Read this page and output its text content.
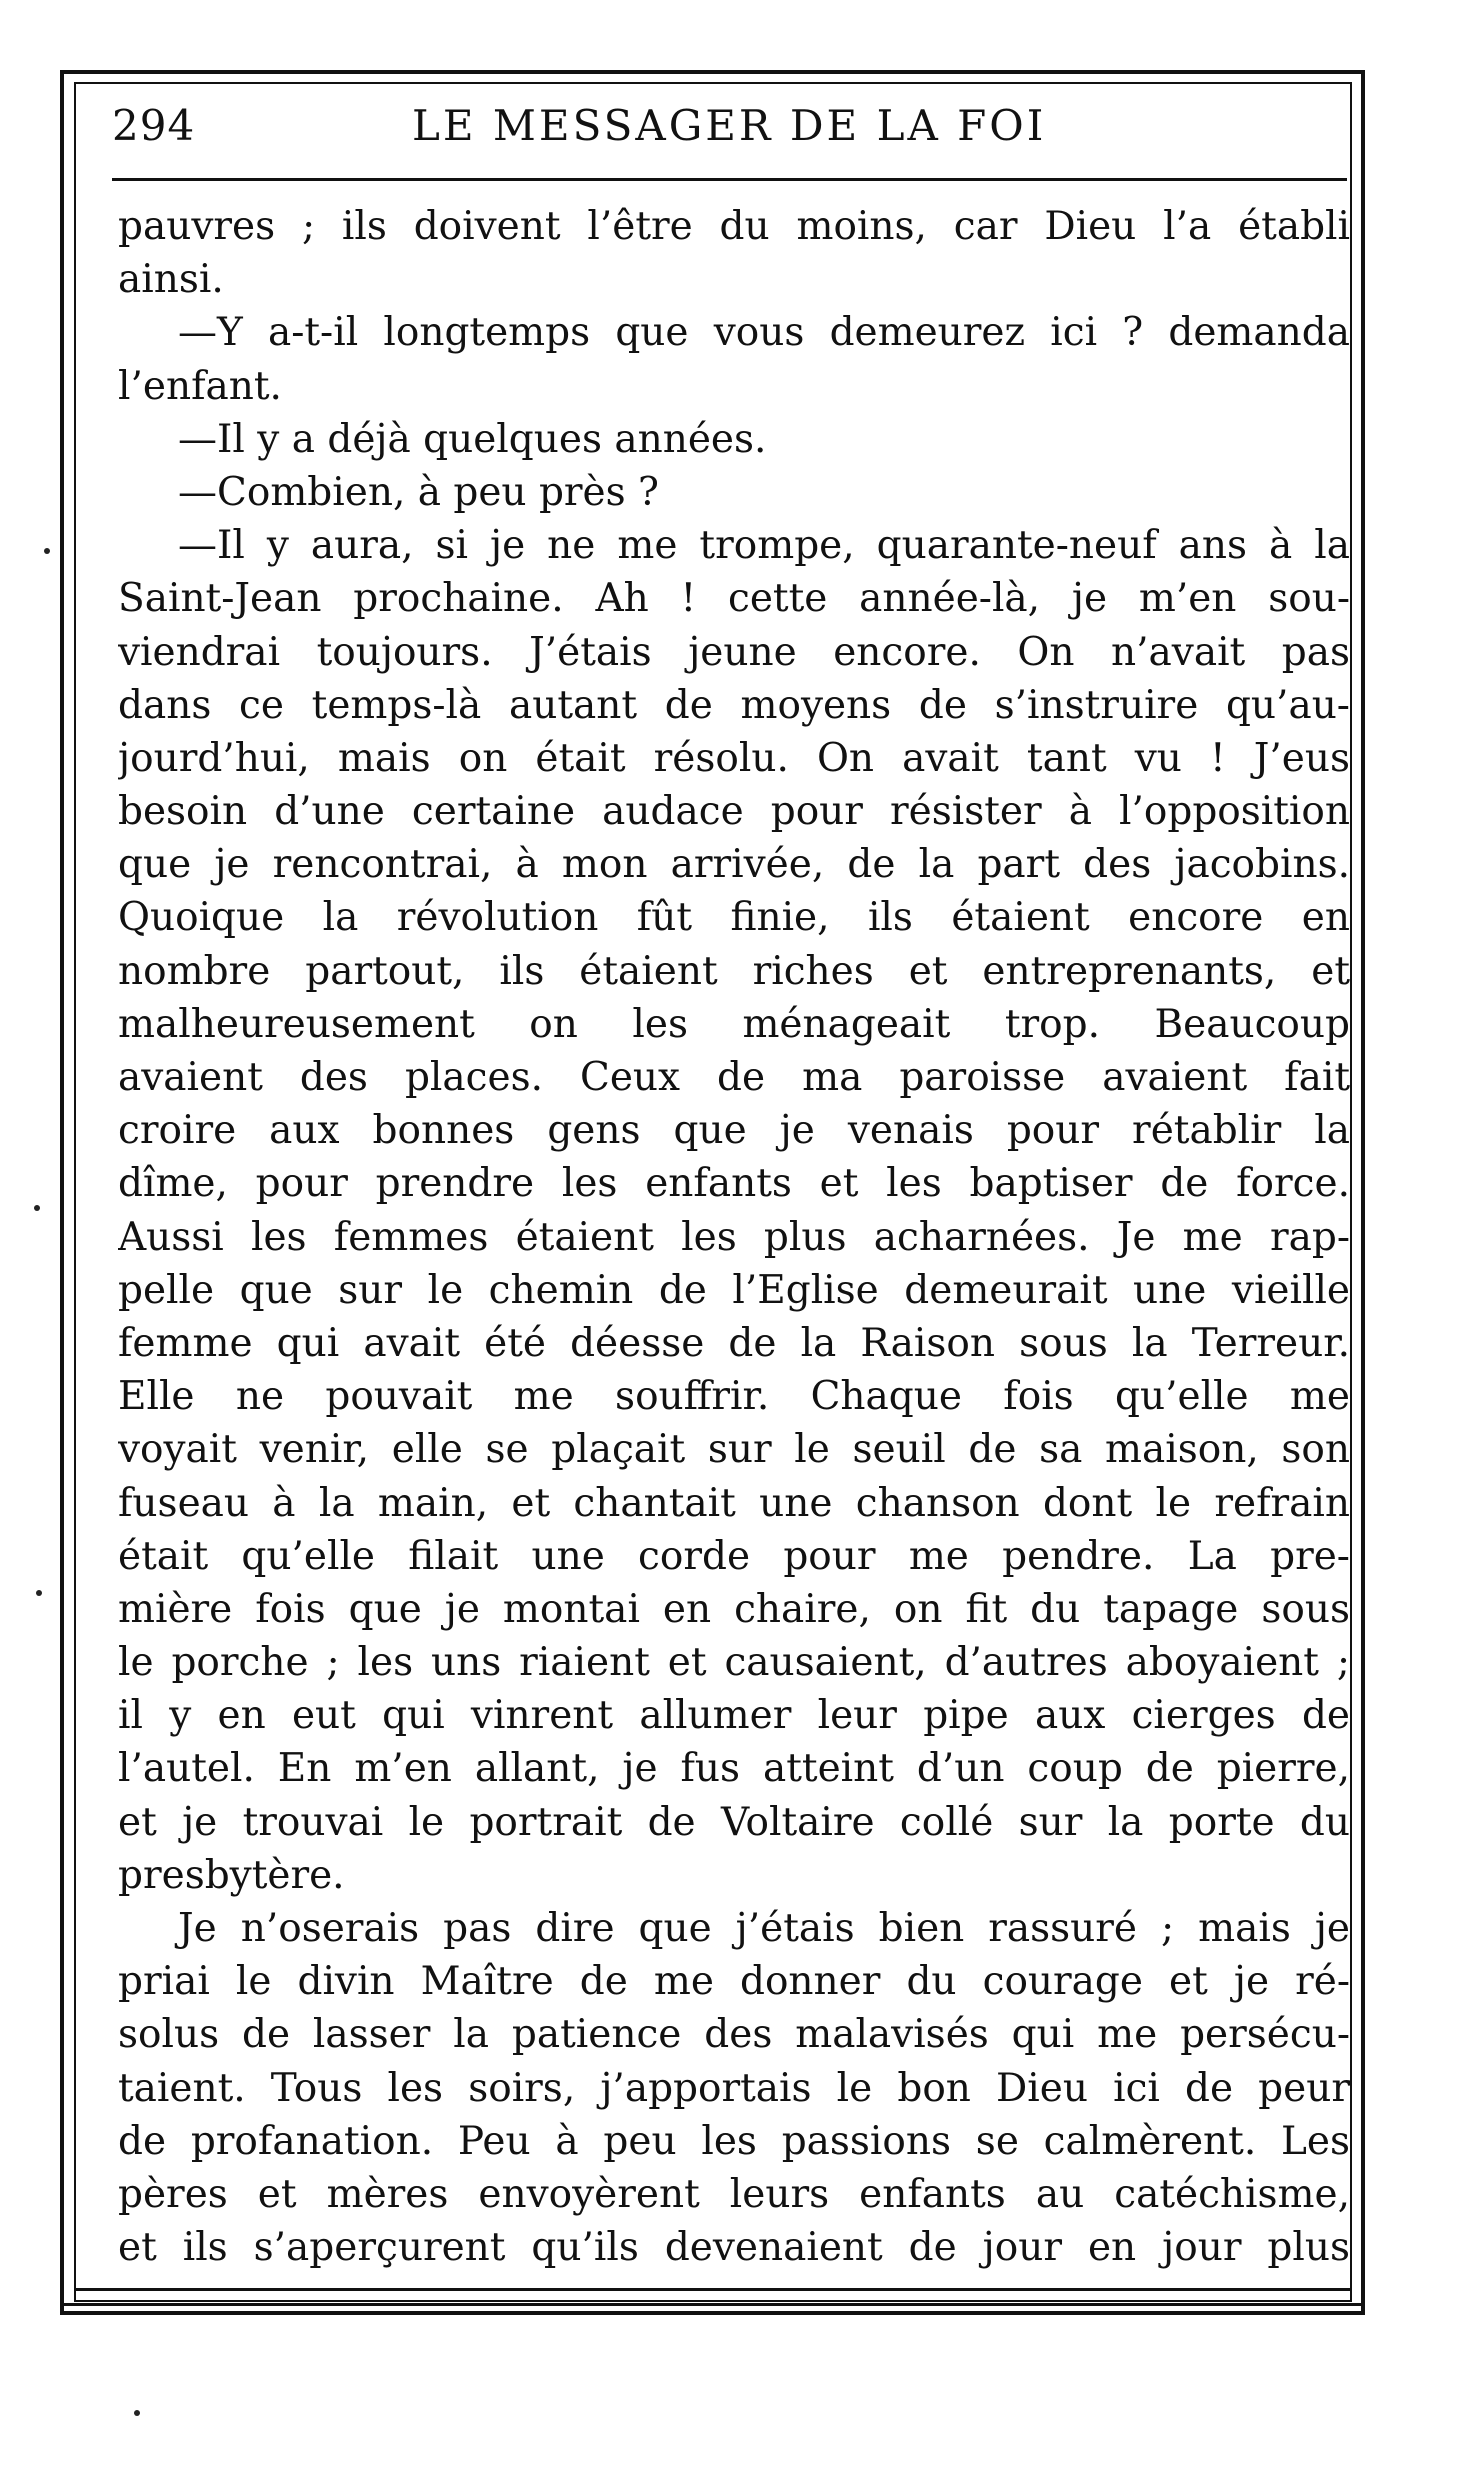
294	LE MESSAGER DE LA FOI
pauvres ; ils doivent l’être du moins, car Dieu l’a établi
ainsi.
—Y a-t-il longtemps que vous demeurez ici ? demanda
l’enfant.
—Il y a déjà quelques années.
—Combien, à peu près ?
—Il y aura, si je ne me trompe, quarante-neuf ans à la
Saint-Jean prochaine. Ah ! cette année-là, je m’en sou-
viendrai toujours. J’étais jeune encore. On n’avait pas
dans ce temps-là autant de moyens de s’instruire qu’au-
jourd’hui, mais on était résolu. On avait tant vu ! J’eus
besoin d’une certaine audace pour résister à l’opposition
que je rencontrai, à mon arrivée, de la part des jacobins.
Quoique la révolution fût finie, ils étaient encore en
nombre partout, ils étaient riches et entreprenants, et
malheureusement on les ménageait trop. Beaucoup
avaient des places. Ceux de ma paroisse avaient fait
croire aux bonnes gens que je venais pour rétablir la
dîme, pour prendre les enfants et les baptiser de force.
Aussi les femmes étaient les plus acharnées. Je me rap-
pelle que sur le chemin de l’Eglise demeurait une vieille
femme qui avait été déesse de la Raison sous la Terreur.
Elle ne pouvait me souffrir. Chaque fois qu’elle me
voyait venir, elle se plaçait sur le seuil de sa maison, son
fuseau à la main, et chantait une chanson dont le refrain
était qu’elle filait une corde pour me pendre. La pre-
mière fois que je montai en chaire, on fit du tapage sous
le porche ; les uns riaient et causaient, d’autres aboyaient ;
il y en eut qui vinrent allumer leur pipe aux cierges de
l’autel. En m’en allant, je fus atteint d’un coup de pierre,
et je trouvai le portrait de Voltaire collé sur la porte du
presbytère.
Je n’oserais pas dire que j’étais bien rassuré ; mais je
priai le divin Maître de me donner du courage et je ré-
solus de lasser la patience des malavisés qui me persécu-
taient. Tous les soirs, j’apportais le bon Dieu ici de peur
de profanation. Peu à peu les passions se calmèrent. Les
pères et mères envoyèrent leurs enfants au catéchisme,
et ils s’aperçurent qu’ils devenaient de jour en jour plus
